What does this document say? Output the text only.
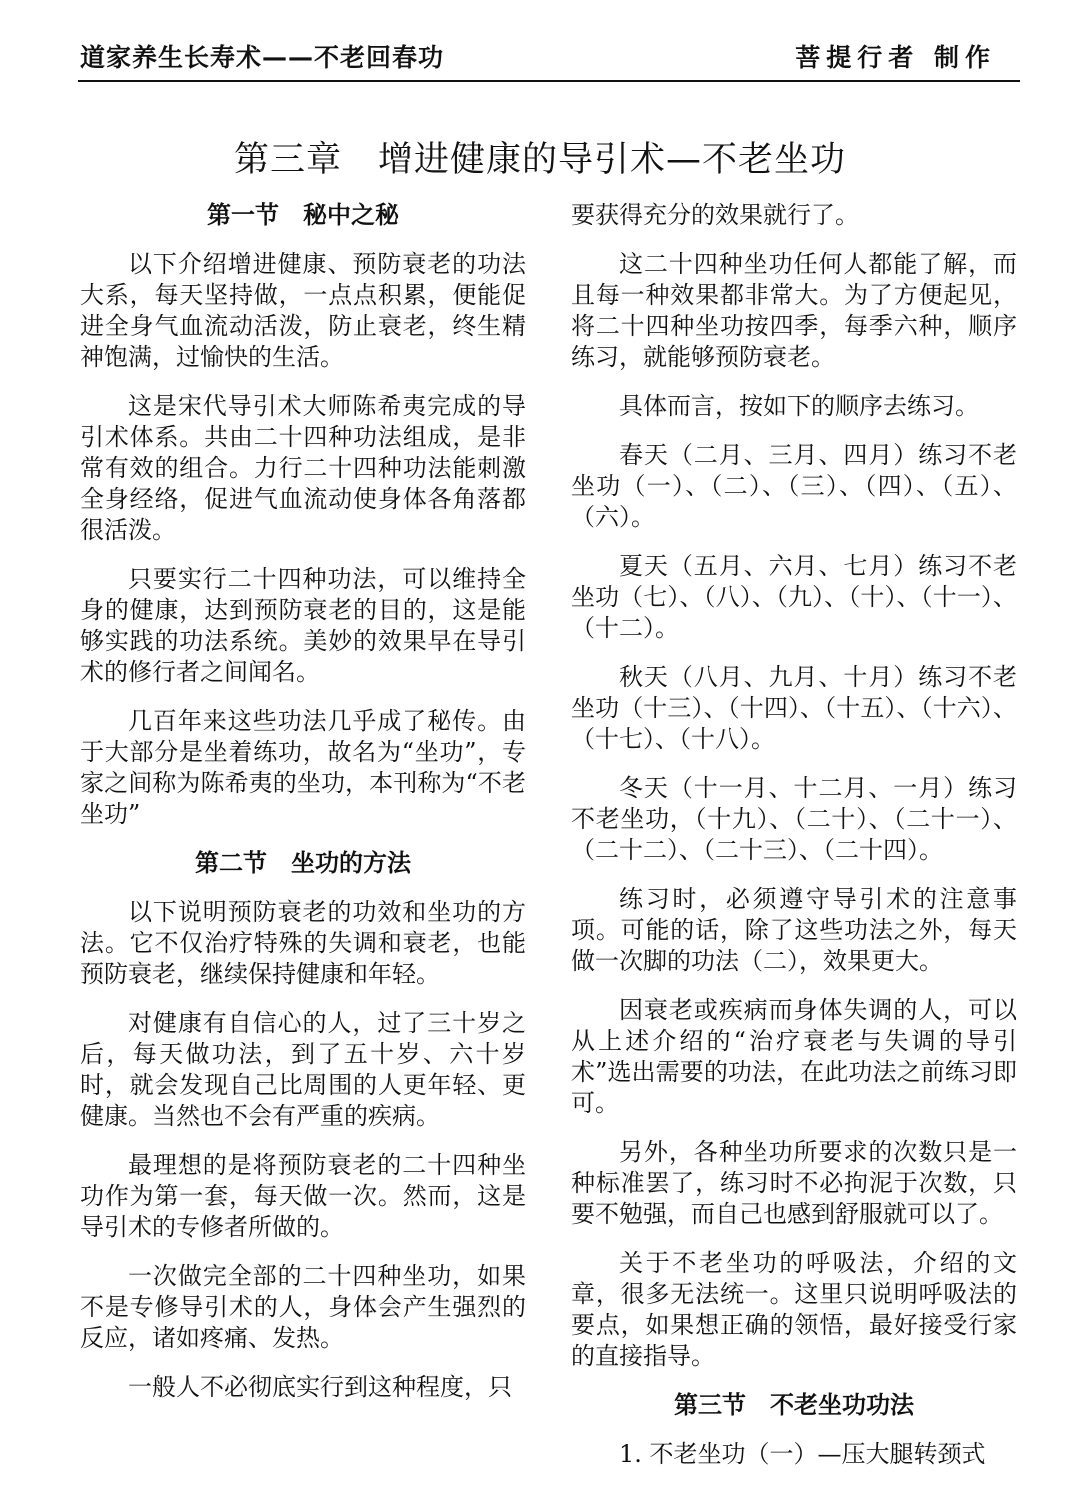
道家养生长寿术——不老回春功	菩提行者 制作
第三章　增进健康的导引术—不老坐功
第一节　秘中之秘

以下介绍增进健康、预防衰老的功法大系，每天坚持做，一点点积累，便能促进全身气血流动活泼，防止衰老，终生精神饱满，过愉快的生活。

这是宋代导引术大师陈希夷完成的导引术体系。共由二十四种功法组成，是非常有效的组合。力行二十四种功法能刺激全身经络，促进气血流动使身体各角落都很活泼。

只要实行二十四种功法，可以维持全身的健康，达到预防衰老的目的，这是能够实践的功法系统。美妙的效果早在导引术的修行者之间闻名。

几百年来这些功法几乎成了秘传。由于大部分是坐着练功，故名为“坐功”，专家之间称为陈希夷的坐功，本刊称为“不老坐功”

第二节　坐功的方法

以下说明预防衰老的功效和坐功的方法。它不仅治疗特殊的失调和衰老，也能预防衰老，继续保持健康和年轻。

对健康有自信心的人，过了三十岁之后，每天做功法，到了五十岁、六十岁时，就会发现自己比周围的人更年轻、更健康。当然也不会有严重的疾病。

最理想的是将预防衰老的二十四种坐功作为第一套，每天做一次。然而，这是导引术的专修者所做的。

一次做完全部的二十四种坐功，如果不是专修导引术的人，身体会产生强烈的反应，诸如疼痛、发热。

一般人不必彻底实行到这种程度，只

要获得充分的效果就行了。

这二十四种坐功任何人都能了解，而且每一种效果都非常大。为了方便起见，将二十四种坐功按四季，每季六种，顺序练习，就能够预防衰老。

具体而言，按如下的顺序去练习。

春天（二月、三月、四月）练习不老坐功（一）、（二）、（三）、（四）、（五）、（六）。

夏天（五月、六月、七月）练习不老坐功（七）、（八）、（九）、（十）、（十一）、（十二）。

秋天（八月、九月、十月）练习不老坐功（十三）、（十四）、（十五）、（十六）、（十七）、（十八）。

冬天（十一月、十二月、一月）练习不老坐功，（十九）、（二十）、（二十一）、（二十二）、（二十三）、（二十四）。

练习时，必须遵守导引术的注意事项。可能的话，除了这些功法之外，每天做一次脚的功法（二），效果更大。

因衰老或疾病而身体失调的人，可以从上述介绍的“治疗衰老与失调的导引术”选出需要的功法，在此功法之前练习即可。

另外，各种坐功所要求的次数只是一种标准罢了，练习时不必拘泥于次数，只要不勉强，而自己也感到舒服就可以了。

关于不老坐功的呼吸法，介绍的文章，很多无法统一。这里只说明呼吸法的要点，如果想正确的领悟，最好接受行家的直接指导。

第三节　不老坐功功法

1. 不老坐功（一）—压大腿转颈式
